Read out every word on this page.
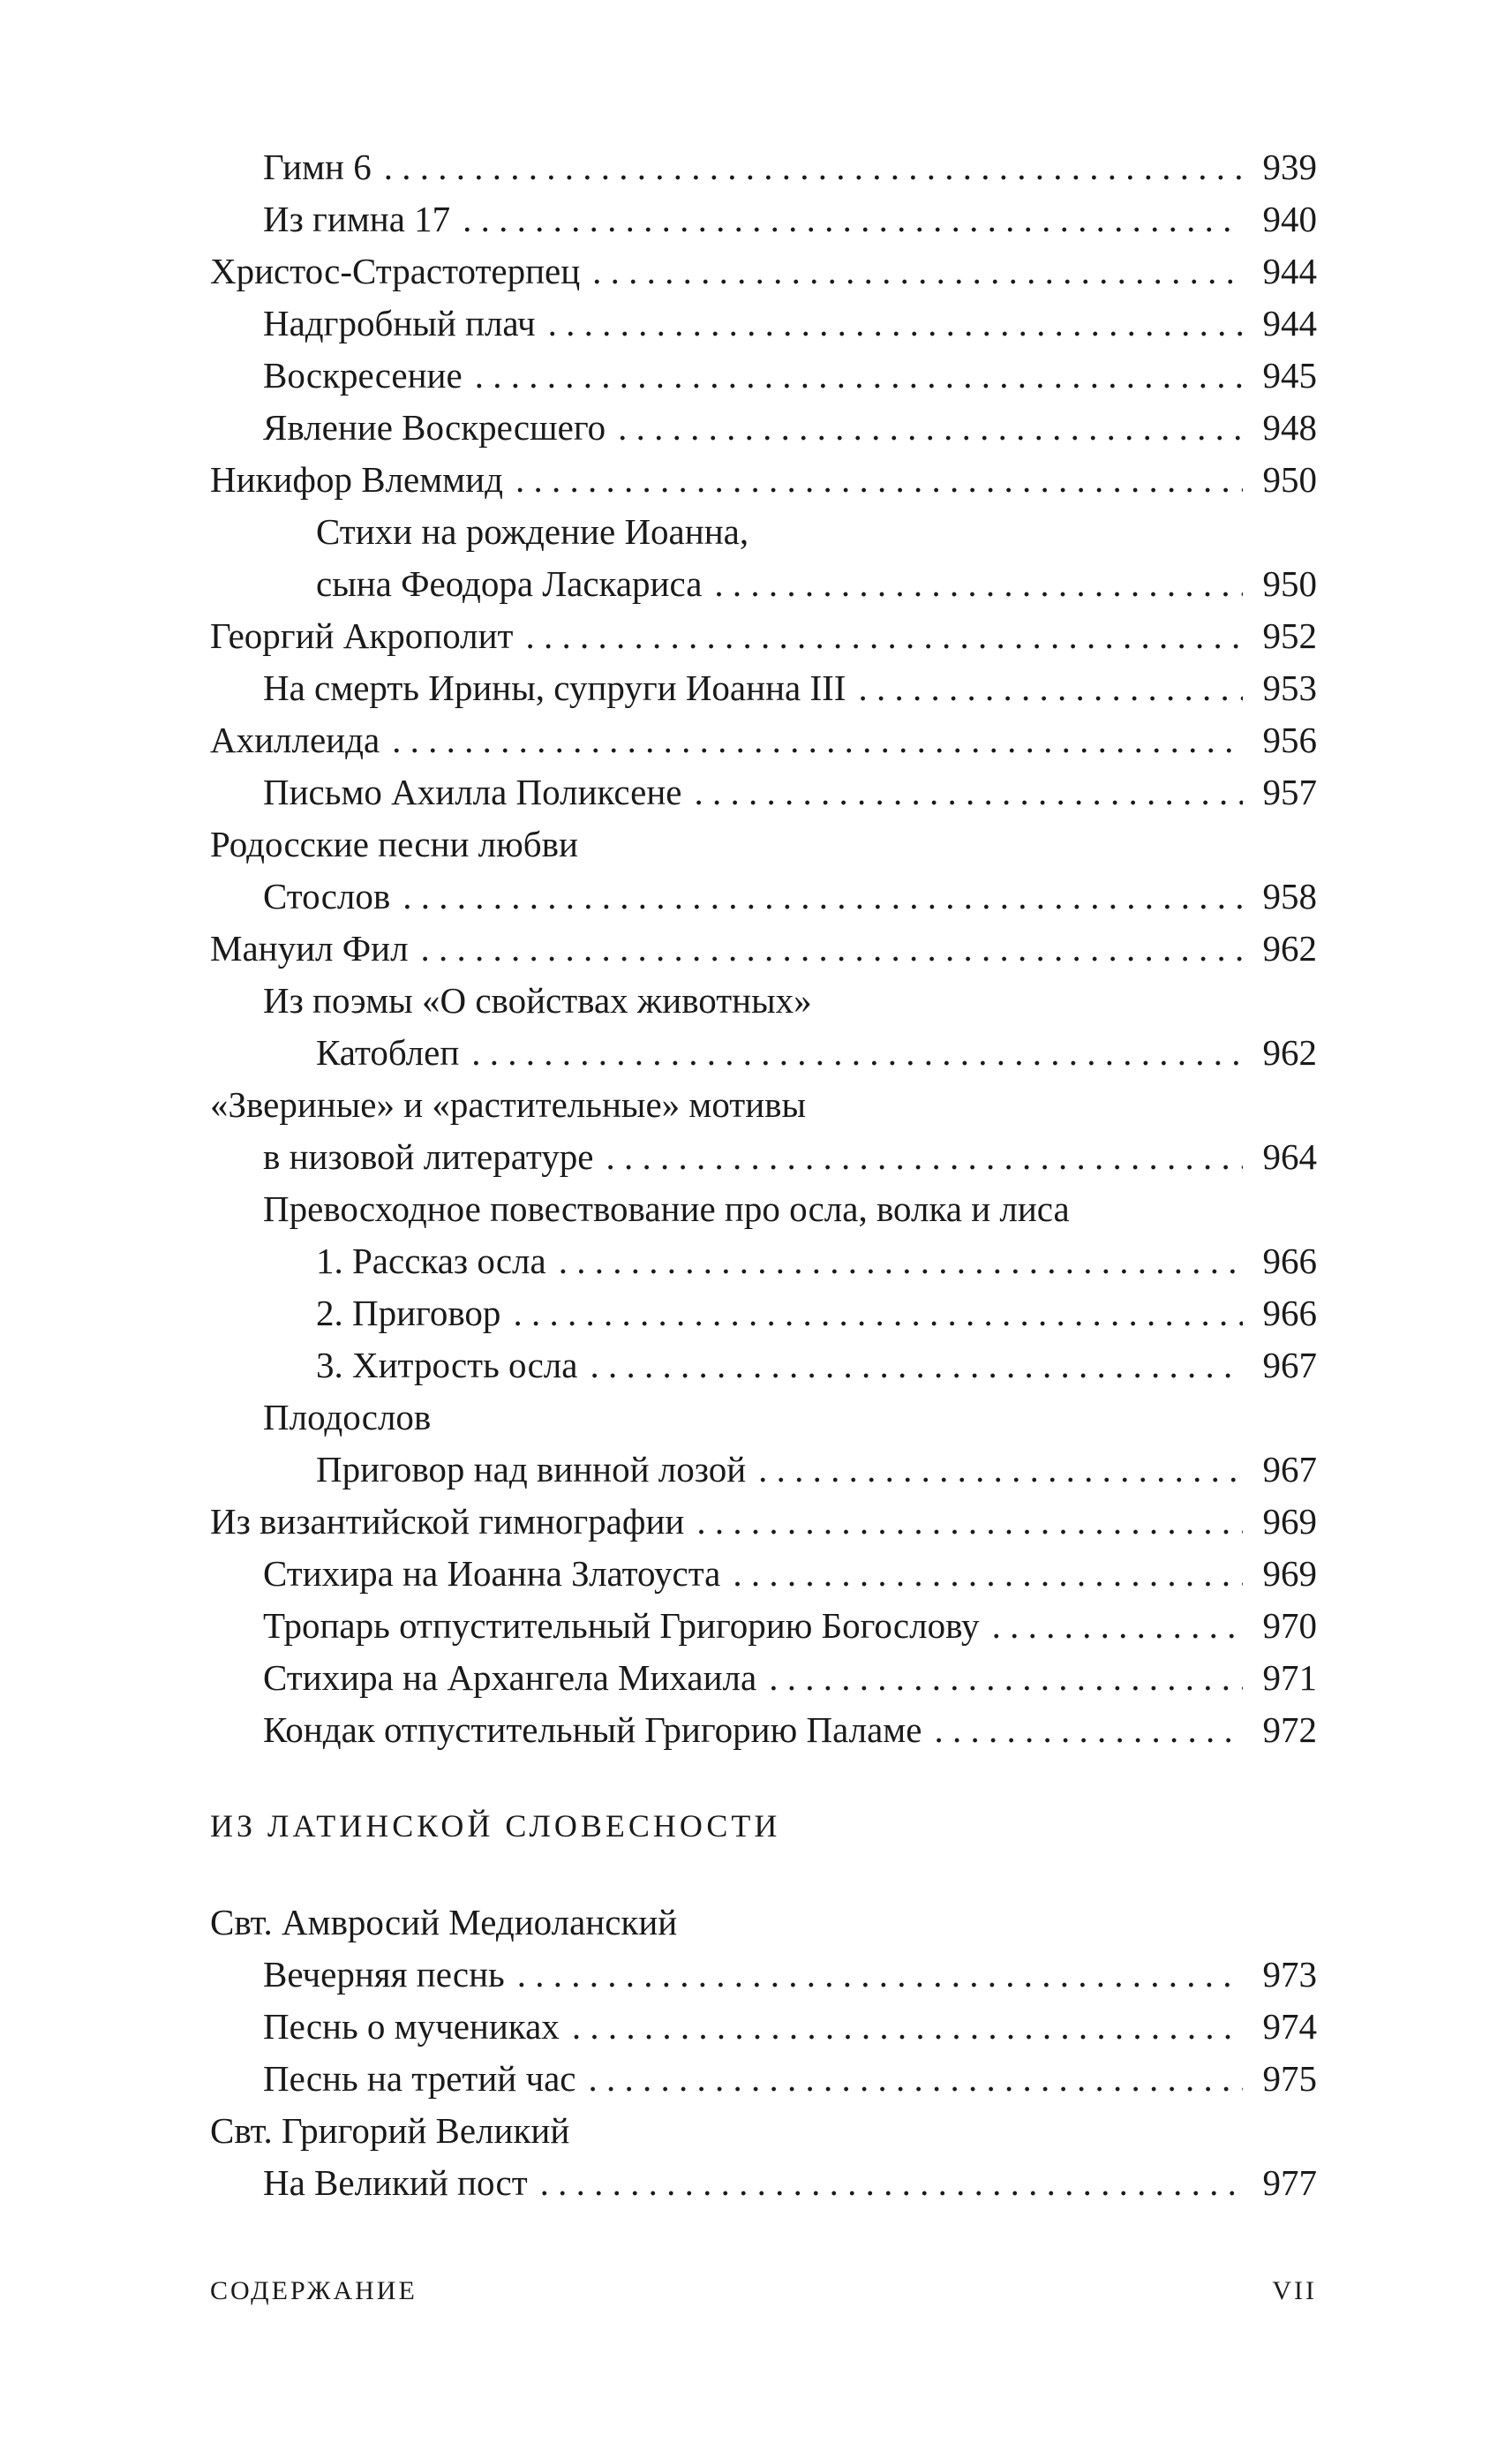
Гимн 6 . . .	939
Из гимна 17 . . .	940
Христос-Страстотерпец . . .	944
Надгробный плач . . .	944
Воскресение . . .	945
Явление Воскресшего . . .	948
Никифор Влеммид . . .	950
Стихи на рождение Иоанна,
сына Феодора Ласкариса . . .	950
Георгий Акрополит . . .	952
На смерть Ирины, супруги Иоанна III . . .	953
Ахиллеида . . .	956
Письмо Ахилла Поликсене . . .	957
Родосские песни любви
Стослов . . .	958
Мануил Фил . . .	962
Из поэмы «О свойствах животных»
Катоблеп . . .	962
«Звериные» и «растительные» мотивы
в низовой литературе . . .	964
Превосходное повествование про осла, волка и лиса
1. Рассказ осла . . .	966
2. Приговор . . .	966
3. Хитрость осла . . .	967
Плодослов
Приговор над винной лозой . . .	967
Из византийской гимнографии . . .	969
Стихира на Иоанна Златоуста . . .	969
Тропарь отпустительный Григорию Богослову . . .	970
Стихира на Архангела Михаила . . .	971
Кондак отпустительный Григорию Паламе . . .	972
ИЗ ЛАТИНСКОЙ СЛОВЕСНОСТИ
Свт. Амвросий Медиоланский
Вечерняя песнь . . .	973
Песнь о мучениках . . .	974
Песнь на третий час . . .	975
Свт. Григорий Великий
На Великий пост . . .	977
СОДЕРЖАНИЕ	VII
